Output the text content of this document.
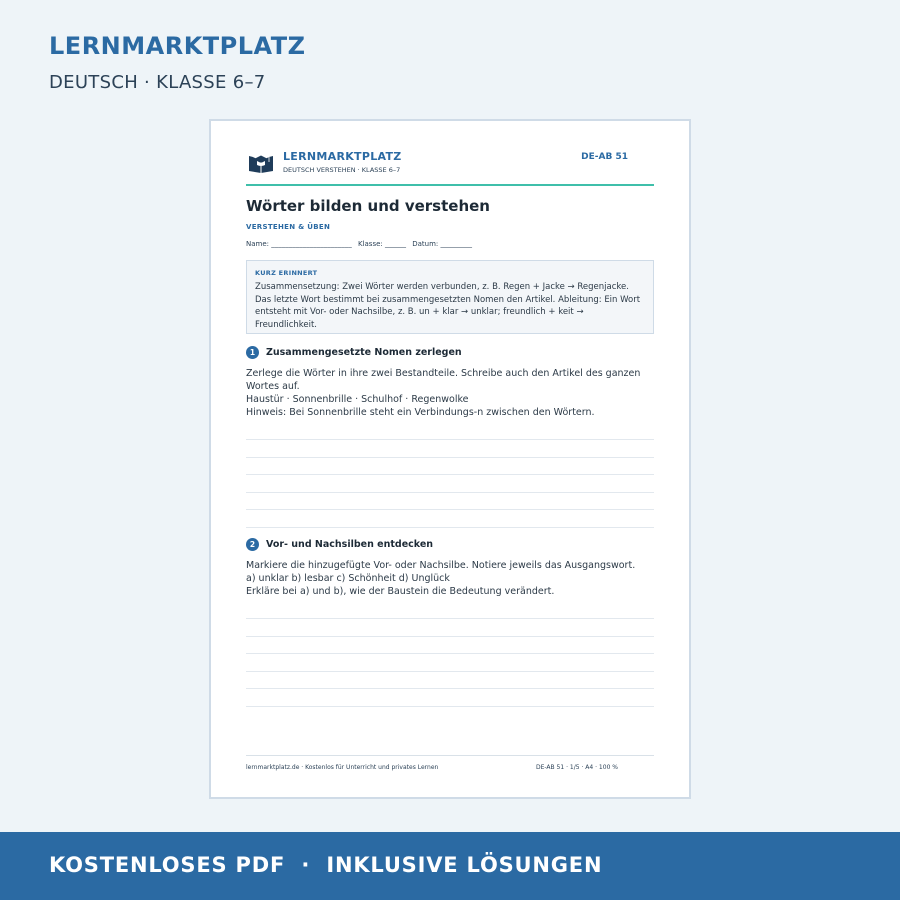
LERNMARKTPLATZ
DEUTSCH · KLASSE 6–7
LERNMARKTPLATZ
DEUTSCH VERSTEHEN · KLASSE 6–7
DE-AB 51
Wörter bilden und verstehen
VERSTEHEN & ÜBEN
Name: _______________________ Klasse: ______ Datum: _________
KURZ ERINNERT
Zusammensetzung: Zwei Wörter werden verbunden, z. B. Regen + Jacke → Regenjacke. Das letzte Wort bestimmt bei zusammengesetzten Nomen den Artikel. Ableitung: Ein Wort entsteht mit Vor- oder Nachsilbe, z. B. un + klar → unklar; freundlich + keit → Freundlichkeit.
1	Zusammengesetzte Nomen zerlegen
Zerlege die Wörter in ihre zwei Bestandteile. Schreibe auch den Artikel des ganzen Wortes auf.
Haustür · Sonnenbrille · Schulhof · Regenwolke
Hinweis: Bei Sonnenbrille steht ein Verbindungs-n zwischen den Wörtern.
2	Vor- und Nachsilben entdecken
Markiere die hinzugefügte Vor- oder Nachsilbe. Notiere jeweils das Ausgangswort.
a) unklar b) lesbar c) Schönheit d) Unglück
Erkläre bei a) und b), wie der Baustein die Bedeutung verändert.
lernmarktplatz.de · Kostenlos für Unterricht und privates Lernen	DE-AB 51 · 1/5 · A4 · 100 %
KOSTENLOSES PDF  ·  INKLUSIVE LÖSUNGEN
